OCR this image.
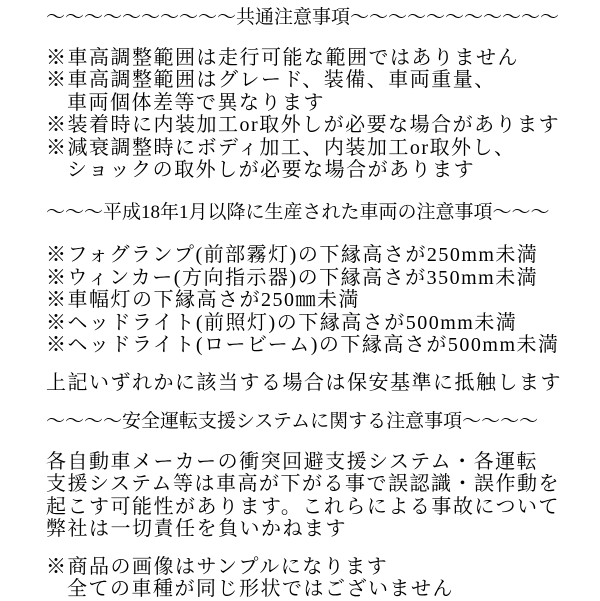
～～～～～～～～～～共通注意事項～～～～～～～～～～～
※車高調整範囲は走行可能な範囲ではありません
※車高調整範囲はグレード、装備、車両重量、
車両個体差等で異なります
※装着時に内装加工or取外しが必要な場合があります
※減衰調整時にボディ加工、内装加工or取外し、
ショックの取外しが必要な場合があります
～～～平成18年1月以降に生産された車両の注意事項～～～
※フォグランプ(前部霧灯)の下縁高さが250mm未満
※ウィンカー(方向指示器)の下縁高さが350mm未満
※車幅灯の下縁高さが250㎜未満
※ヘッドライト(前照灯)の下縁高さが500mm未満
※ヘッドライト(ロービーム)の下縁高さが500mm未満
上記いずれかに該当する場合は保安基準に抵触します
～～～～安全運転支援システムに関する注意事項～～～～
各自動車メーカーの衝突回避支援システム・各運転
支援システム等は車高が下がる事で誤認識・誤作動を
起こす可能性があります。これらによる事故について
弊社は一切責任を負いかねます
※商品の画像はサンプルになります
全ての車種が同じ形状ではございません
